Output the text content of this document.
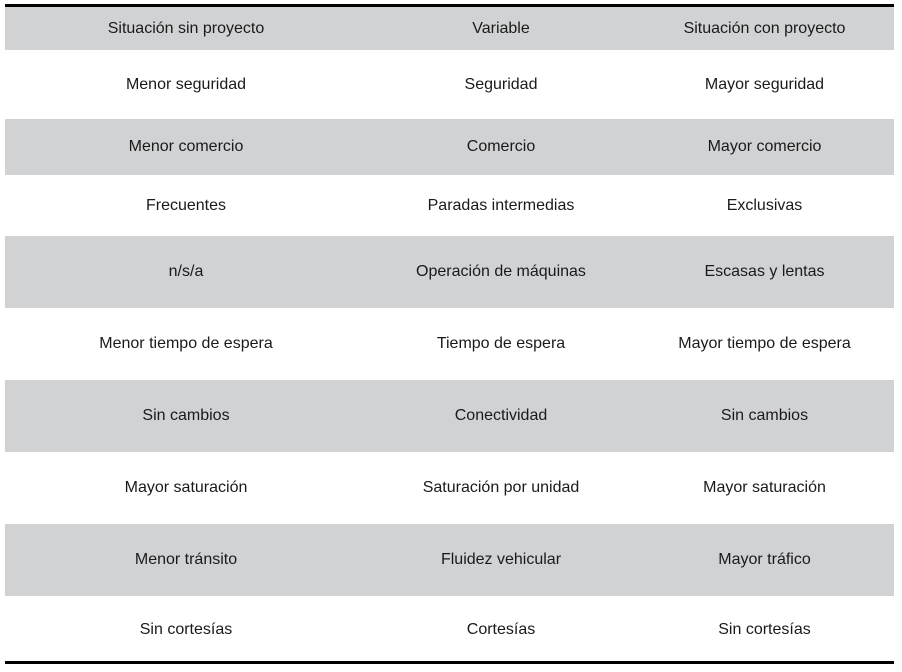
Situación sin proyecto	Variable	Situación con proyecto
Menor seguridad	Seguridad	Mayor seguridad
Menor comercio	Comercio	Mayor comercio
Frecuentes	Paradas intermedias	Exclusivas
n/s/a	Operación de máquinas	Escasas y lentas
Menor tiempo de espera	Tiempo de espera	Mayor tiempo de espera
Sin cambios	Conectividad	Sin cambios
Mayor saturación	Saturación por unidad	Mayor saturación
Menor tránsito	Fluidez vehicular	Mayor tráfico
Sin cortesías	Cortesías	Sin cortesías
